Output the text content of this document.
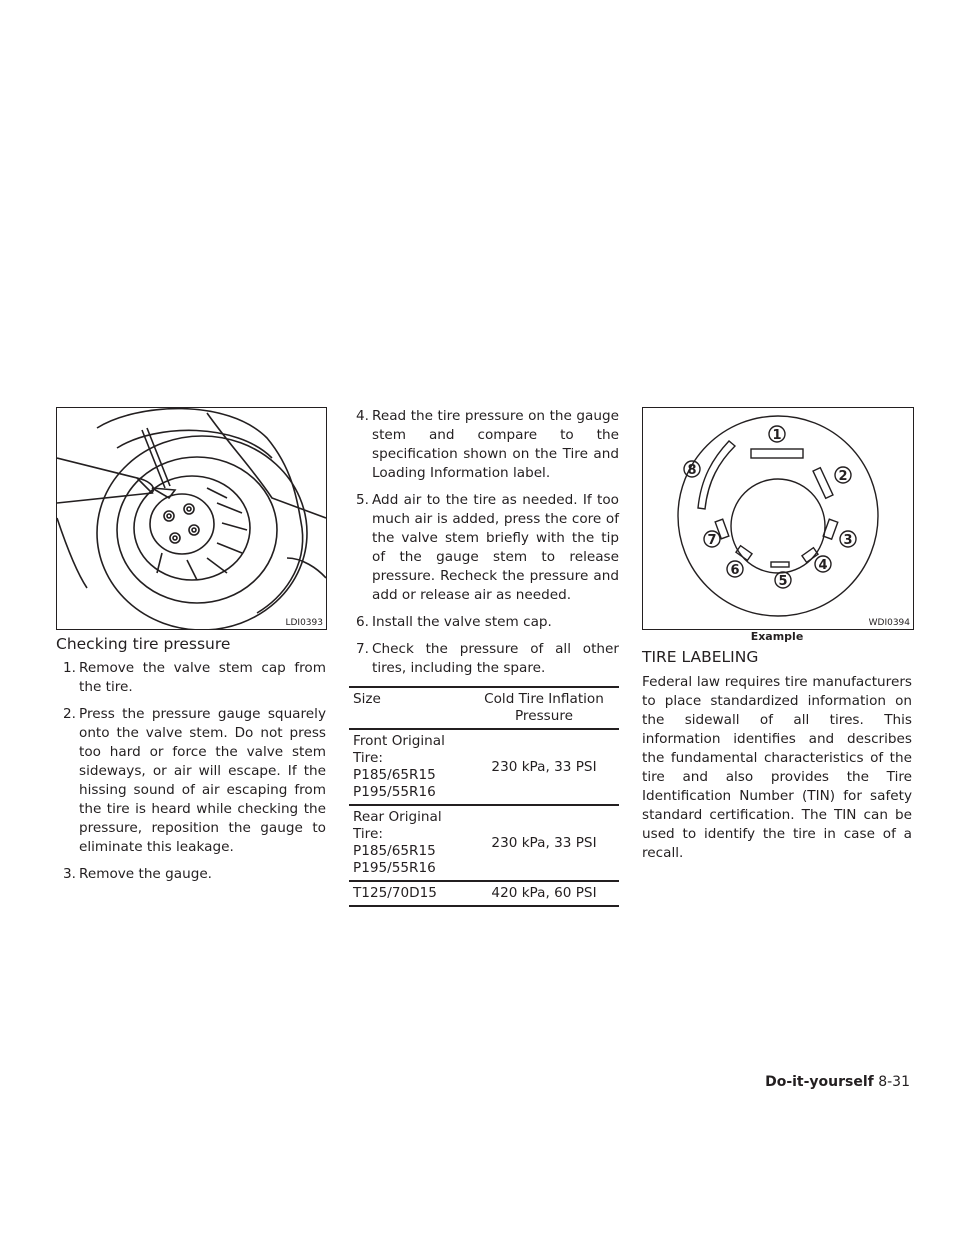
LDI0393
Checking tire pressure
1. Remove the valve stem cap from the tire.
2. Press the pressure gauge squarely onto the valve stem. Do not press too hard or force the valve stem sideways, or air will escape. If the hissing sound of air escaping from the tire is heard while checking the pressure, reposition the gauge to eliminate this leakage.
3. Remove the gauge.
4. Read the tire pressure on the gauge stem and compare to the specification shown on the Tire and Loading Information label.
5. Add air to the tire as needed. If too much air is added, press the core of the valve stem briefly with the tip of the gauge stem to release pressure. Recheck the pressure and add or release air as needed.
6. Install the valve stem cap.
7. Check the pressure of all other tires, including the spare.
Size	Cold Tire Inflation Pressure

Front Original
Tire:
P185/65R15
P195/55R16	230 kPa, 33 PSI

Rear Original
Tire:
P185/65R15
P195/55R16	230 kPa, 33 PSI

T125/70D15	420 kPa, 60 PSI
1
2
3
4
5
6
7
8
WDI0394
Example
TIRE LABELING

Federal law requires tire manufacturers to place standardized information on the sidewall of all tires. This information identifies and describes the fundamental characteristics of the tire and also provides the Tire Identification Number (TIN) for safety standard certification. The TIN can be used to identify the tire in case of a recall.

Do-it-yourself 8-31
